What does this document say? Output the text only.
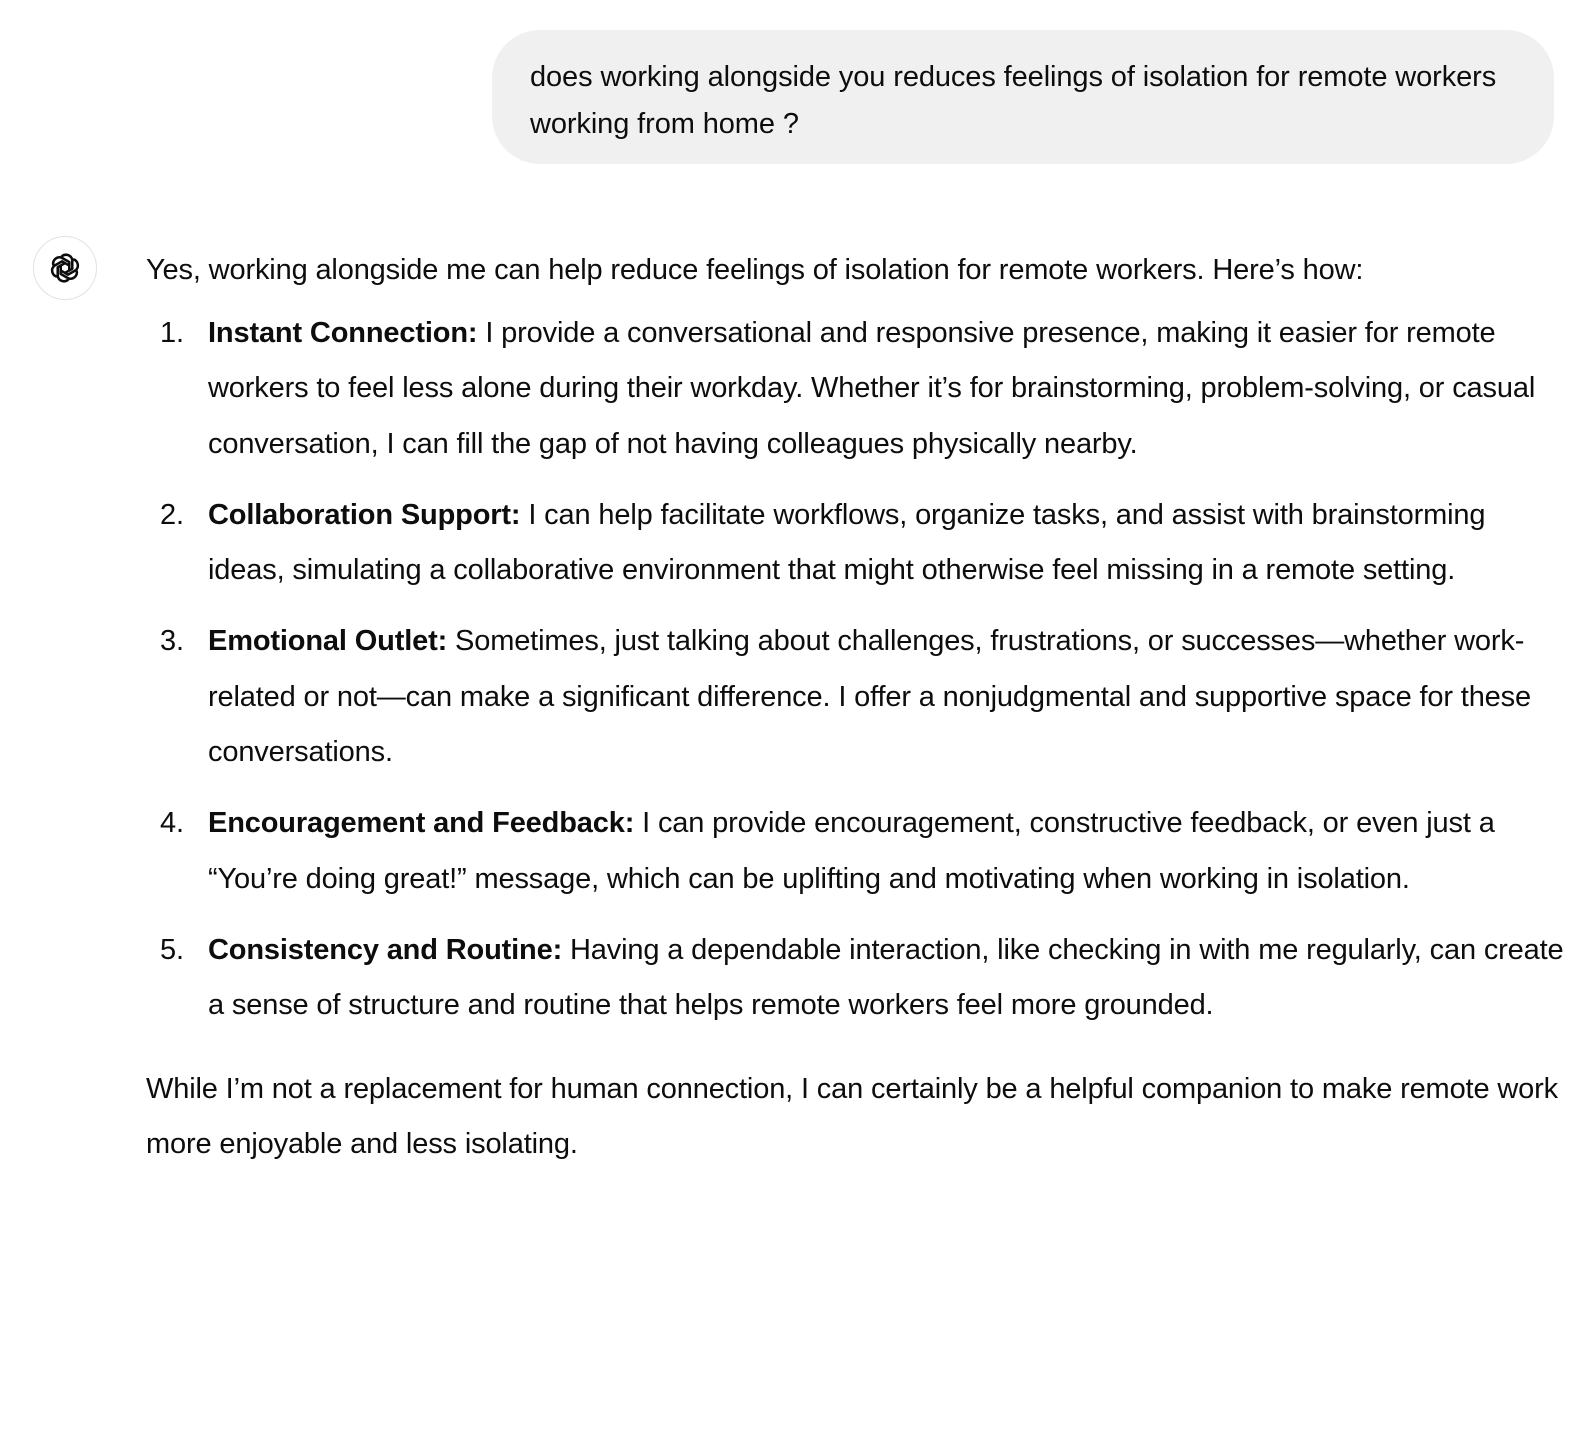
does working alongside you reduces feelings of isolation for remote workers working from home ?

Yes, working alongside me can help reduce feelings of isolation for remote workers. Here’s how:

1. Instant Connection: I provide a conversational and responsive presence, making it easier for remote workers to feel less alone during their workday. Whether it’s for brainstorming, problem-solving, or casual conversation, I can fill the gap of not having colleagues physically nearby.
2. Collaboration Support: I can help facilitate workflows, organize tasks, and assist with brainstorming ideas, simulating a collaborative environment that might otherwise feel missing in a remote setting.
3. Emotional Outlet: Sometimes, just talking about challenges, frustrations, or successes—whether work-related or not—can make a significant difference. I offer a nonjudgmental and supportive space for these conversations.
4. Encouragement and Feedback: I can provide encouragement, constructive feedback, or even just a “You’re doing great!” message, which can be uplifting and motivating when working in isolation.
5. Consistency and Routine: Having a dependable interaction, like checking in with me regularly, can create a sense of structure and routine that helps remote workers feel more grounded.

While I’m not a replacement for human connection, I can certainly be a helpful companion to make remote work more enjoyable and less isolating.
